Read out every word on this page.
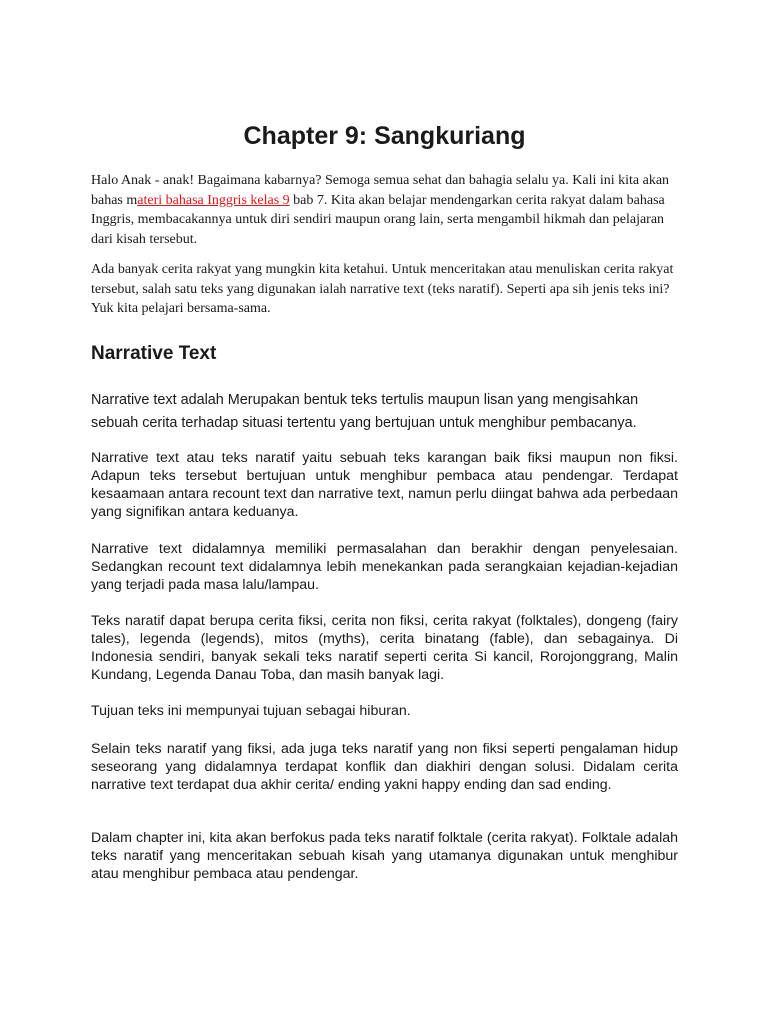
Chapter 9: Sangkuriang

Halo Anak - anak! Bagaimana kabarnya? Semoga semua sehat dan bahagia selalu ya. Kali ini kita akan bahas materi bahasa Inggris kelas 9 bab 7. Kita akan belajar mendengarkan cerita rakyat dalam bahasa Inggris, membacakannya untuk diri sendiri maupun orang lain, serta mengambil hikmah dan pelajaran dari kisah tersebut.

Ada banyak cerita rakyat yang mungkin kita ketahui. Untuk menceritakan atau menuliskan cerita rakyat tersebut, salah satu teks yang digunakan ialah narrative text (teks naratif). Seperti apa sih jenis teks ini? Yuk kita pelajari bersama-sama.

Narrative Text

Narrative text adalah Merupakan bentuk teks tertulis maupun lisan yang mengisahkan sebuah cerita terhadap situasi tertentu yang bertujuan untuk menghibur pembacanya.

Narrative text atau teks naratif yaitu sebuah teks karangan baik fiksi maupun non fiksi. Adapun teks tersebut bertujuan untuk menghibur pembaca atau pendengar. Terdapat kesaamaan antara recount text dan narrative text, namun perlu diingat bahwa ada perbedaan yang signifikan antara keduanya.

Narrative text didalamnya memiliki permasalahan dan berakhir dengan penyelesaian. Sedangkan recount text didalamnya lebih menekankan pada serangkaian kejadian-kejadian yang terjadi pada masa lalu/lampau.

Teks naratif dapat berupa cerita fiksi, cerita non fiksi, cerita rakyat (folktales), dongeng (fairy tales), legenda (legends), mitos (myths), cerita binatang (fable), dan sebagainya. Di Indonesia sendiri, banyak sekali teks naratif seperti cerita Si kancil, Rorojonggrang, Malin Kundang, Legenda Danau Toba, dan masih banyak lagi.

Tujuan teks ini mempunyai tujuan sebagai hiburan.

Selain teks naratif yang fiksi, ada juga teks naratif yang non fiksi seperti pengalaman hidup seseorang yang didalamnya terdapat konflik dan diakhiri dengan solusi. Didalam cerita narrative text terdapat dua akhir cerita/ ending yakni happy ending dan sad ending.

Dalam chapter ini, kita akan berfokus pada teks naratif folktale (cerita rakyat). Folktale adalah teks naratif yang menceritakan sebuah kisah yang utamanya digunakan untuk menghibur atau menghibur pembaca atau pendengar.
